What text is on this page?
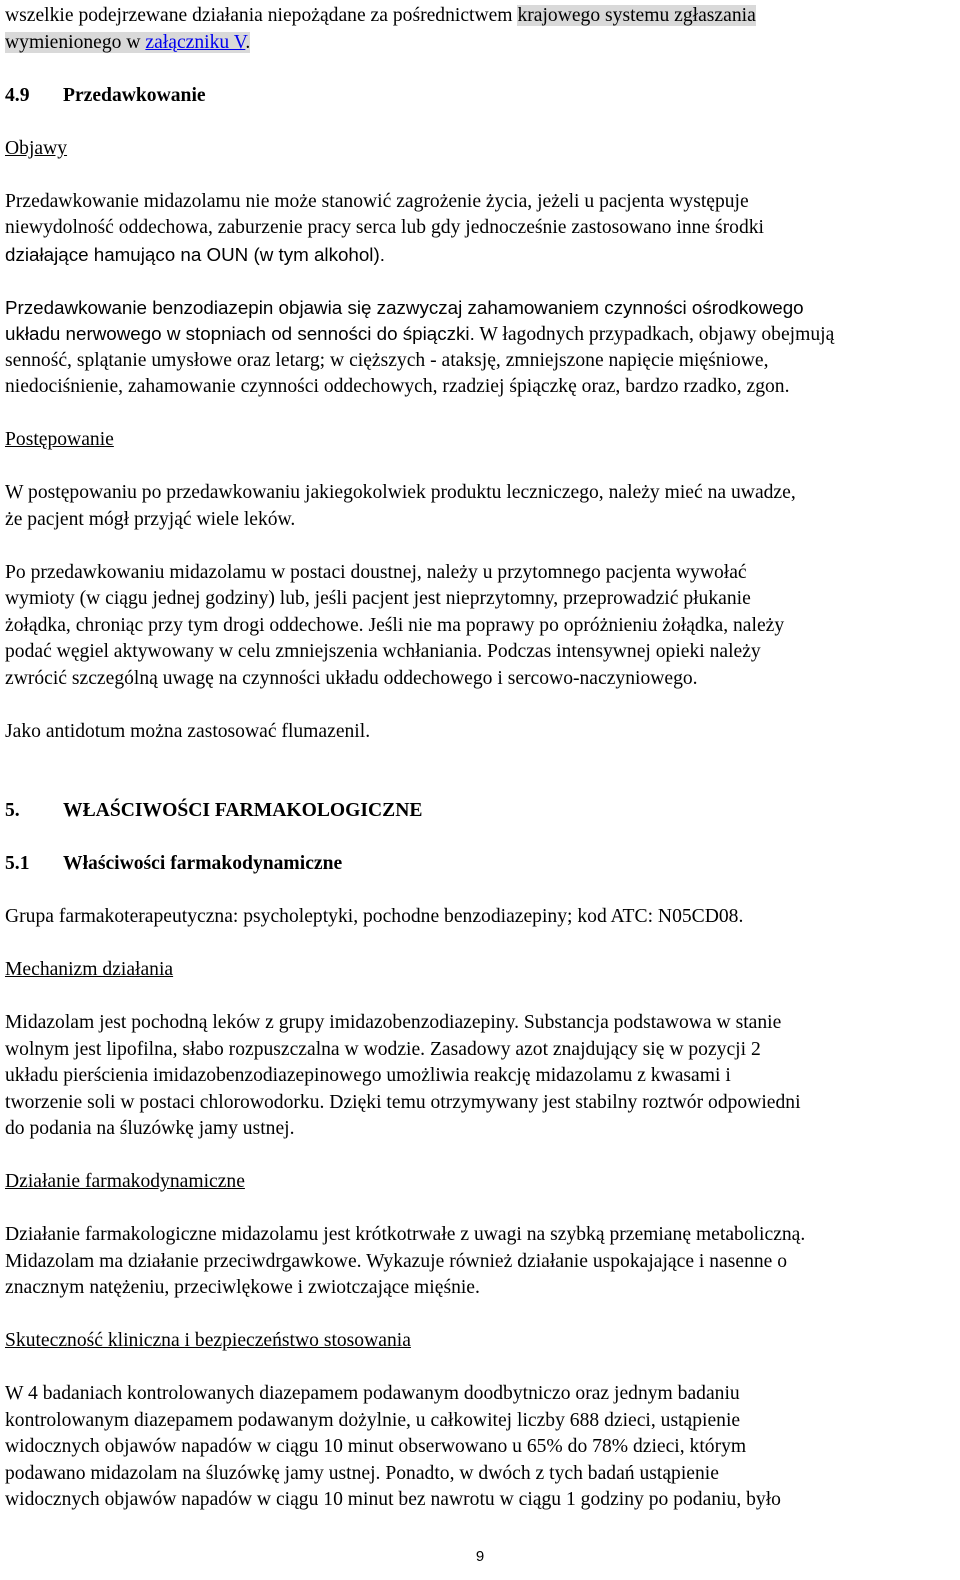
wszelkie podejrzewane działania niepożądane za pośrednictwem krajowego systemu zgłaszania

wymienionego w załączniku V.

4.9 Przedawkowanie

Objawy

Przedawkowanie midazolamu nie może stanowić zagrożenie życia, jeżeli u pacjenta występuje

niewydolność oddechowa, zaburzenie pracy serca lub gdy jednocześnie zastosowano inne środki

działające hamująco na OUN (w tym alkohol).

Przedawkowanie benzodiazepin objawia się zazwyczaj zahamowaniem czynności ośrodkowego

układu nerwowego w stopniach od senności do śpiączki. W łagodnych przypadkach, objawy obejmują

senność, splątanie umysłowe oraz letarg; w cięższych - ataksję, zmniejszone napięcie mięśniowe,

niedociśnienie, zahamowanie czynności oddechowych, rzadziej śpiączkę oraz, bardzo rzadko, zgon.

Postępowanie

W postępowaniu po przedawkowaniu jakiegokolwiek produktu leczniczego, należy mieć na uwadze,

że pacjent mógł przyjąć wiele leków.

Po przedawkowaniu midazolamu w postaci doustnej, należy u przytomnego pacjenta wywołać

wymioty (w ciągu jednej godziny) lub, jeśli pacjent jest nieprzytomny, przeprowadzić płukanie

żołądka, chroniąc przy tym drogi oddechowe. Jeśli nie ma poprawy po opróżnieniu żołądka, należy

podać węgiel aktywowany w celu zmniejszenia wchłaniania. Podczas intensywnej opieki należy

zwrócić szczególną uwagę na czynności układu oddechowego i sercowo-naczyniowego.

Jako antidotum można zastosować flumazenil.

5. WŁAŚCIWOŚCI FARMAKOLOGICZNE

5.1 Właściwości farmakodynamiczne

Grupa farmakoterapeutyczna: psycholeptyki, pochodne benzodiazepiny; kod ATC: N05CD08.

Mechanizm działania

Midazolam jest pochodną leków z grupy imidazobenzodiazepiny. Substancja podstawowa w stanie

wolnym jest lipofilna, słabo rozpuszczalna w wodzie. Zasadowy azot znajdujący się w pozycji 2

układu pierścienia imidazobenzodiazepinowego umożliwia reakcję midazolamu z kwasami i

tworzenie soli w postaci chlorowodorku. Dzięki temu otrzymywany jest stabilny roztwór odpowiedni

do podania na śluzówkę jamy ustnej.

Działanie farmakodynamiczne

Działanie farmakologiczne midazolamu jest krótkotrwałe z uwagi na szybką przemianę metaboliczną.

Midazolam ma działanie przeciwdrgawkowe. Wykazuje również działanie uspokajające i nasenne o

znacznym natężeniu, przeciwlękowe i zwiotczające mięśnie.

Skuteczność kliniczna i bezpieczeństwo stosowania

W 4 badaniach kontrolowanych diazepamem podawanym doodbytniczo oraz jednym badaniu

kontrolowanym diazepamem podawanym dożylnie, u całkowitej liczby 688 dzieci, ustąpienie

widocznych objawów napadów w ciągu 10 minut obserwowano u 65% do 78% dzieci, którym

podawano midazolam na śluzówkę jamy ustnej. Ponadto, w dwóch z tych badań ustąpienie

widocznych objawów napadów w ciągu 10 minut bez nawrotu w ciągu 1 godziny po podaniu, było

9
